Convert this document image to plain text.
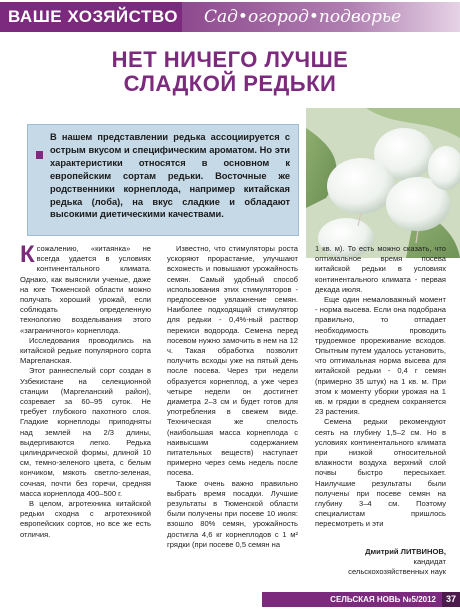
ВАШЕ ХОЗЯЙСТВО	Сад•огород•подворье
НЕТ НИЧЕГО ЛУЧШЕ
СЛАДКОЙ РЕДЬКИ

В нашем представлении редька ассоциируется с острым вкусом и специфическим ароматом. Но эти характеристики относятся в основном к европейским сортам редьки. Восточные же родственники корнеплода, например китайская редька (лоба), на вкус сладкие и обладают высокими диетическими качествами.

Ксожалению, «китаянка» не всегда удается в условиях континентального климата. Однако, как выяснили ученые, даже на юге Тюменской области можно получать хороший урожай, если соблюдать определенную технологию возделывания этого «заграничного» корнеплода.

Исследования проводились на китайской редьке популярного сорта Маргеланская.

Этот раннеспелый сорт создан в Узбекистане на селекционной станции (Маргеланский район), созревает за 60–95 суток. Не требует глубокого пахотного слоя. Гладкие корнеплоды приподняты над землей на 2/3 длины, выдергиваются легко. Редька цилиндрической формы, длиной 10 см, темно-зеленого цвета, с белым кончиком, мякоть светло-зеленая, сочная, почти без горечи, средняя масса корнеплода 400–500 г.

В целом, агротехника китайской редьки сходна с агротехникой европейских сортов, но все же есть отличия.

Известно, что стимуляторы роста ускоряют прорастание, улучшают всхожесть и повышают урожайность семян. Самый удобный способ использования этих стимуляторов - предпосевное увлажнение семян. Наиболее подходящий стимулятор для редьки - 0,4%-ный раствор перекиси водорода. Семена перед посевом нужно замочить в нем на 12 ч. Такая обработка позволит получить всходы уже на пятый день после посева. Через три недели образуется корнеплод, а уже через четыре недели он достигнет диаметра 2–3 см и будет готов для употребления в свежем виде. Техническая же спелость (наибольшая масса корнеплода с наивысшим содержанием питательных веществ) наступает примерно через семь недель после посева.

Также очень важно правильно выбрать время посадки. Лучшие результаты в Тюменской области были получены при посеве 10 июля: взошло 80% семян, урожайность достигла 4,6 кг корнеплодов с 1 м² грядки (при посеве 0,5 семян на

1 кв. м). То есть можно сказать, что оптимальное время посева китайской редьки в условиях континентального климата - первая декада июля.

Еще один немаловажный момент - норма высева. Если она подобрана правильно, то отпадает необходимость проводить трудоемкое прореживание всходов. Опытным путем удалось установить, что оптимальная норма высева для китайской редьки - 0,4 г семян (примерно 35 штук) на 1 кв. м. При этом к моменту уборки урожая на 1 кв. м грядки в среднем сохраняется 23 растения.

Семена редьки рекомендуют сеять на глубину 1,5–2 см. Но в условиях континентального климата при низкой относительной влажности воздуха верхний слой почвы быстро пересыхает. Наилучшие результаты были получены при посеве семян на глубину 3–4 см. Поэтому специалистам пришлось пересмотреть и эти

Дмитрий ЛИТВИНОВ,
кандидат
сельскохозяйственных наук
СЕЛЬСКАЯ НОВЬ №5/2012	37
